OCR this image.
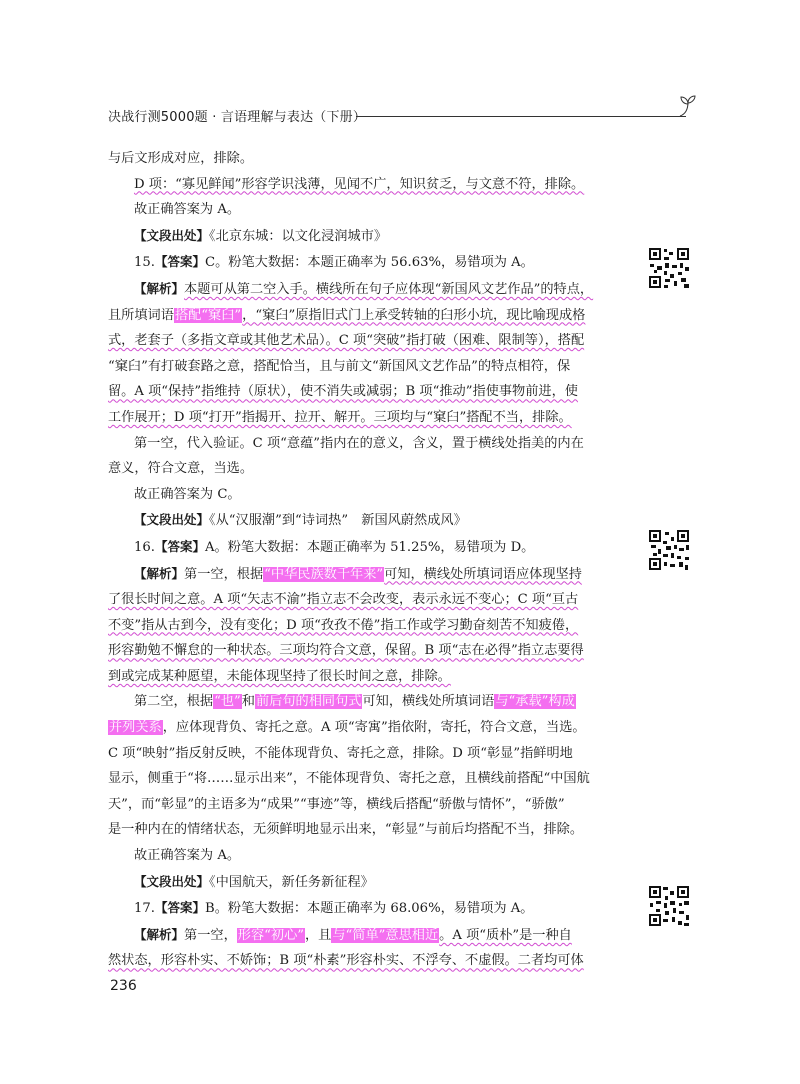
决战行测5000题 · 言语理解与表达（下册）

与后文形成对应，排除。

D 项：“寡见鲜闻”形容学识浅薄，见闻不广，知识贫乏，与文意不符，排除。

故正确答案为 A。

【文段出处】《北京东城：以文化浸润城市》

15.【答案】C。粉笔大数据：本题正确率为 56.63%，易错项为 A。

【解析】本题可从第二空入手。横线所在句子应体现“新国风文艺作品”的特点，

且所填词语搭配“窠臼”，“窠臼”原指旧式门上承受转轴的臼形小坑，现比喻现成格

式，老套子（多指文章或其他艺术品）。C 项“突破”指打破（困难、限制等），搭配

“窠臼”有打破套路之意，搭配恰当，且与前文“新国风文艺作品”的特点相符，保

留。A 项“保持”指维持（原状），使不消失或减弱；B 项“推动”指使事物前进，使

工作展开；D 项“打开”指揭开、拉开、解开。三项均与“窠臼”搭配不当，排除。

第一空，代入验证。C 项“意蕴”指内在的意义，含义，置于横线处指美的内在

意义，符合文意，当选。

故正确答案为 C。

【文段出处】《从“汉服潮”到“诗词热”　新国风蔚然成风》

16.【答案】A。粉笔大数据：本题正确率为 51.25%，易错项为 D。

【解析】第一空，根据“中华民族数千年来”可知，横线处所填词语应体现坚持

了很长时间之意。A 项“矢志不渝”指立志不会改变，表示永远不变心；C 项“亘古

不变”指从古到今，没有变化；D 项“孜孜不倦”指工作或学习勤奋刻苦不知疲倦，

形容勤勉不懈怠的一种状态。三项均符合文意，保留。B 项“志在必得”指立志要得

到或完成某种愿望，未能体现坚持了很长时间之意，排除。

第二空，根据“也”和前后句的相同句式可知，横线处所填词语与“承载”构成

并列关系，应体现背负、寄托之意。A 项“寄寓”指依附，寄托，符合文意，当选。

C 项“映射”指反射反映，不能体现背负、寄托之意，排除。D 项“彰显”指鲜明地

显示，侧重于“将……显示出来”，不能体现背负、寄托之意，且横线前搭配“中国航

天”，而“彰显”的主语多为“成果”“事迹”等，横线后搭配“骄傲与情怀”，“骄傲”

是一种内在的情绪状态，无须鲜明地显示出来，“彰显”与前后均搭配不当，排除。

故正确答案为 A。

【文段出处】《中国航天，新任务新征程》

17.【答案】B。粉笔大数据：本题正确率为 68.06%，易错项为 A。

【解析】第一空，形容“初心”，且与“简单”意思相近。A 项“质朴”是一种自

然状态，形容朴实、不娇饰；B 项“朴素”形容朴实、不浮夸、不虚假。二者均可体

236
